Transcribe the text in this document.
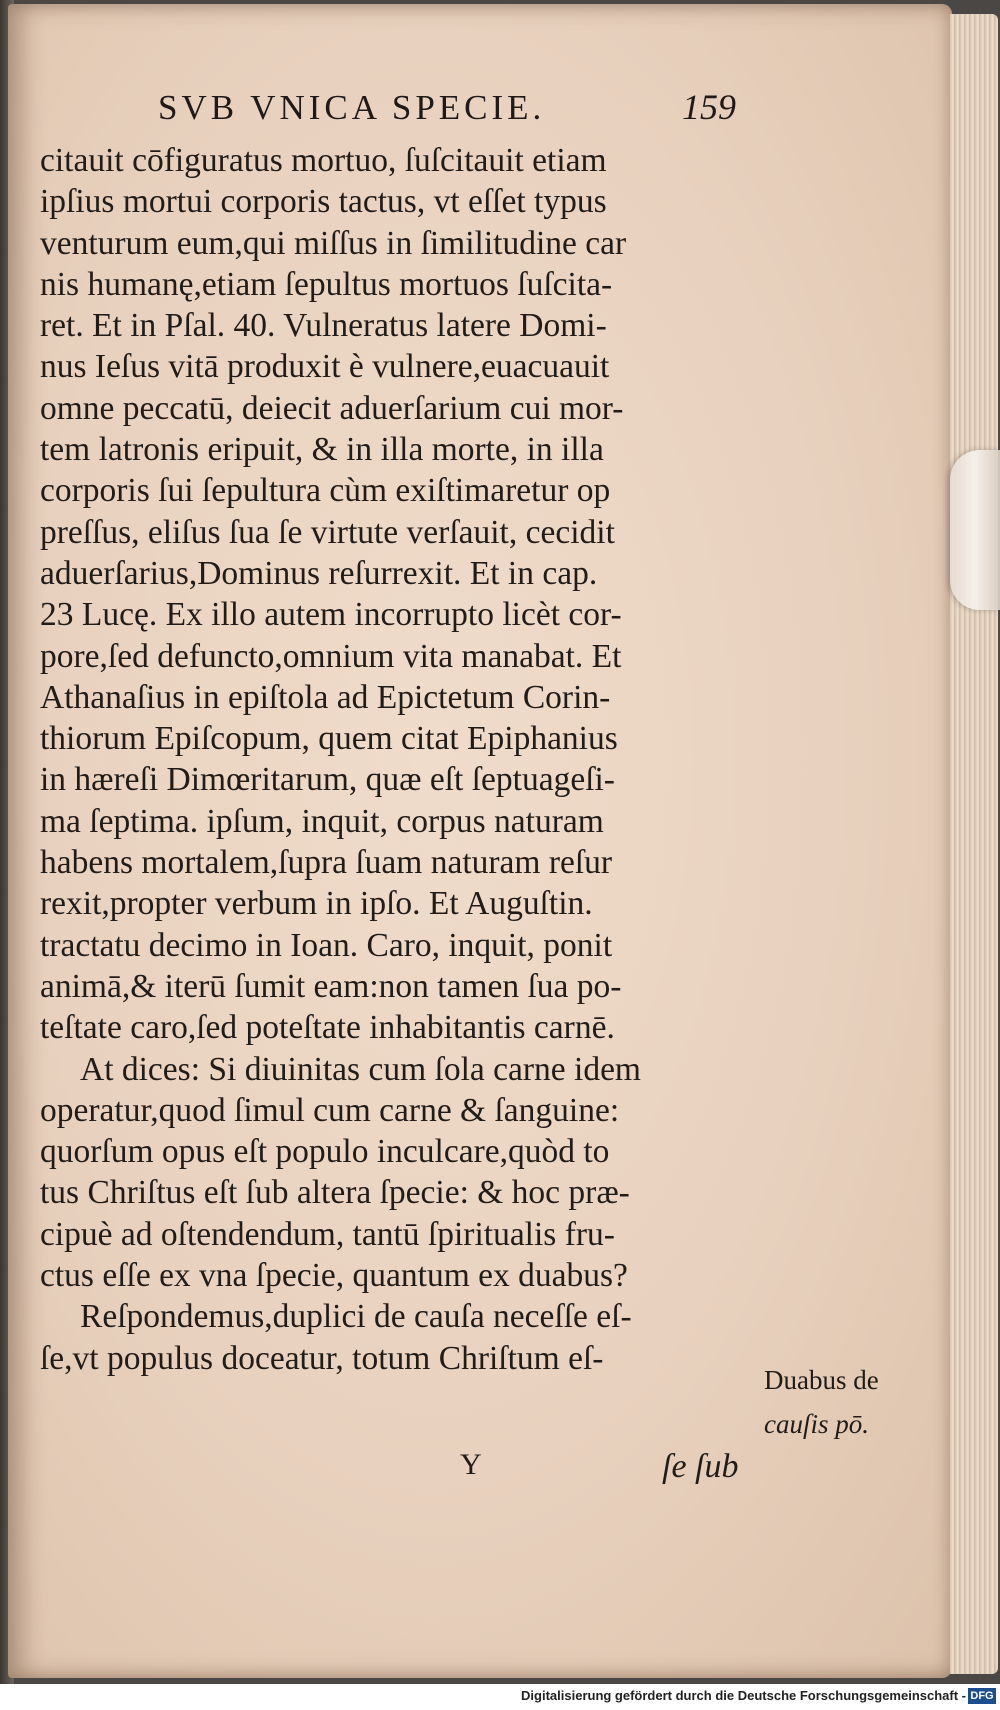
SVB VNICA SPECIE.	159
citauit cōfiguratus mortuo, ſuſcitauit etiam
ipſius mortui corporis tactus, vt eſſet typus
venturum eum,qui miſſus in ſimilitudine car
nis humanę,etiam ſepultus mortuos ſuſcita-
ret. Et in Pſal. 40. Vulneratus latere Domi-
nus Ieſus vitā produxit è vulnere,euacuauit
omne peccatū, deiecit aduerſarium cui mor-
tem latronis eripuit, & in illa morte, in illa
corporis ſui ſepultura cùm exiſtimaretur op
preſſus, eliſus ſua ſe virtute verſauit, cecidit
aduerſarius,Dominus reſurrexit. Et in cap.
23 Lucę. Ex illo autem incorrupto licèt cor-
pore,ſed defuncto,omnium vita manabat. Et
Athanaſius in epiſtola ad Epictetum Corin-
thiorum Epiſcopum, quem citat Epiphanius
in hæreſi Dimœritarum, quæ eſt ſeptuageſi-
ma ſeptima. ipſum, inquit, corpus naturam
habens mortalem,ſupra ſuam naturam reſur
rexit,propter verbum in ipſo. Et Auguſtin.
tractatu decimo in Ioan. Caro, inquit, ponit
animā,& iterū ſumit eam:non tamen ſua po-
teſtate caro,ſed poteſtate inhabitantis carnē.
At dices: Si diuinitas cum ſola carne idem
operatur,quod ſimul cum carne & ſanguine:
quorſum opus eſt populo inculcare,quòd to
tus Chriſtus eſt ſub altera ſpecie: & hoc præ-
cipuè ad oſtendendum, tantū ſpiritualis fru-
ctus eſſe ex vna ſpecie, quantum ex duabus?
Reſpondemus,duplici de cauſa neceſſe eſ-
ſe,vt populus doceatur, totum Chriſtum eſ-
Duabus de
cauſis pō.
Y	ſe ſub
Digitalisierung gefördert durch die Deutsche Forschungsgemeinschaft - DFG
